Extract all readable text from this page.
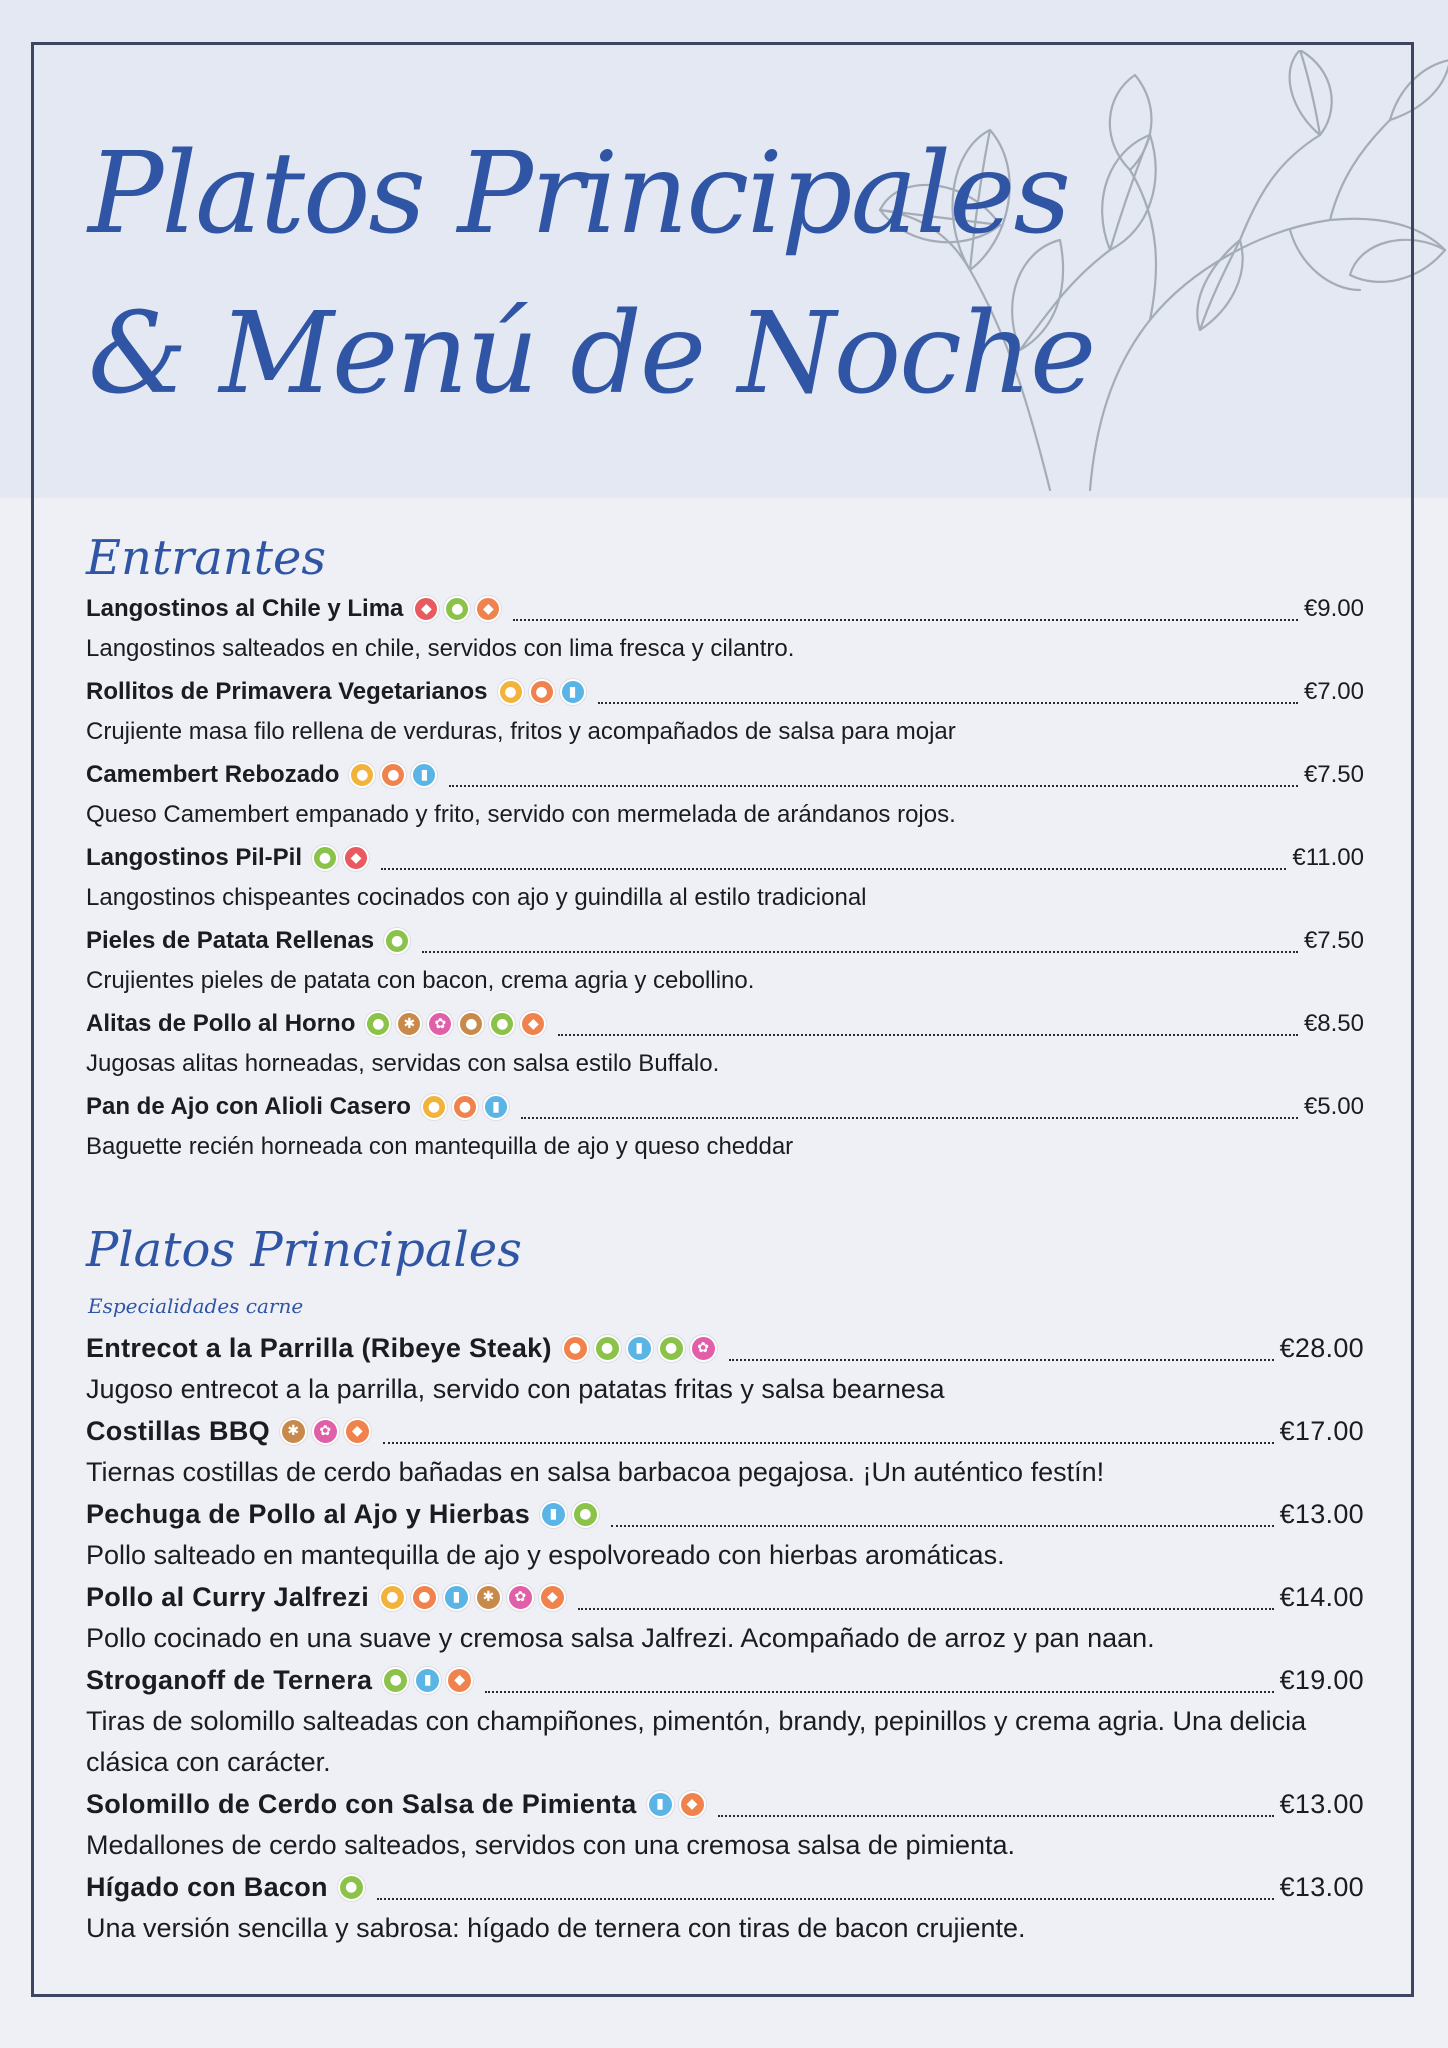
Platos Principales
& Menú de Noche
Entrantes
Langostinos al Chile y Lima	◆	●	◆	€9.00
Langostinos salteados en chile, servidos con lima fresca y cilantro.
Rollitos de Primavera Vegetarianos	●	●	▮	€7.00
Crujiente masa filo rellena de verduras, fritos y acompañados de salsa para mojar
Camembert Rebozado	●	●	▮	€7.50
Queso Camembert empanado y frito, servido con mermelada de arándanos rojos.
Langostinos Pil-Pil	●	◆	€11.00
Langostinos chispeantes cocinados con ajo y guindilla al estilo tradicional
Pieles de Patata Rellenas	●	€7.50
Crujientes pieles de patata con bacon, crema agria y cebollino.
Alitas de Pollo al Horno	●	✱	✿	●	●	◆	€8.50
Jugosas alitas horneadas, servidas con salsa estilo Buffalo.
Pan de Ajo con Alioli Casero	●	●	▮	€5.00
Baguette recién horneada con mantequilla de ajo y queso cheddar
Platos Principales
Especialidades carne
Entrecot a la Parrilla (Ribeye Steak)	●	●	▮	●	✿	€28.00
Jugoso entrecot a la parrilla, servido con patatas fritas y salsa bearnesa
Costillas BBQ	✱	✿	◆	€17.00
Tiernas costillas de cerdo bañadas en salsa barbacoa pegajosa. ¡Un auténtico festín!
Pechuga de Pollo al Ajo y Hierbas	▮	●	€13.00
Pollo salteado en mantequilla de ajo y espolvoreado con hierbas aromáticas.
Pollo al Curry Jalfrezi	●	●	▮	✱	✿	◆	€14.00
Pollo cocinado en una suave y cremosa salsa Jalfrezi. Acompañado de arroz y pan naan.
Stroganoff de Ternera	●	▮	◆	€19.00
Tiras de solomillo salteadas con champiñones, pimentón, brandy, pepinillos y crema agria. Una delicia clásica con carácter.
Solomillo de Cerdo con Salsa de Pimienta	▮	◆	€13.00
Medallones de cerdo salteados, servidos con una cremosa salsa de pimienta.
Hígado con Bacon	●	€13.00
Una versión sencilla y sabrosa: hígado de ternera con tiras de bacon crujiente.
